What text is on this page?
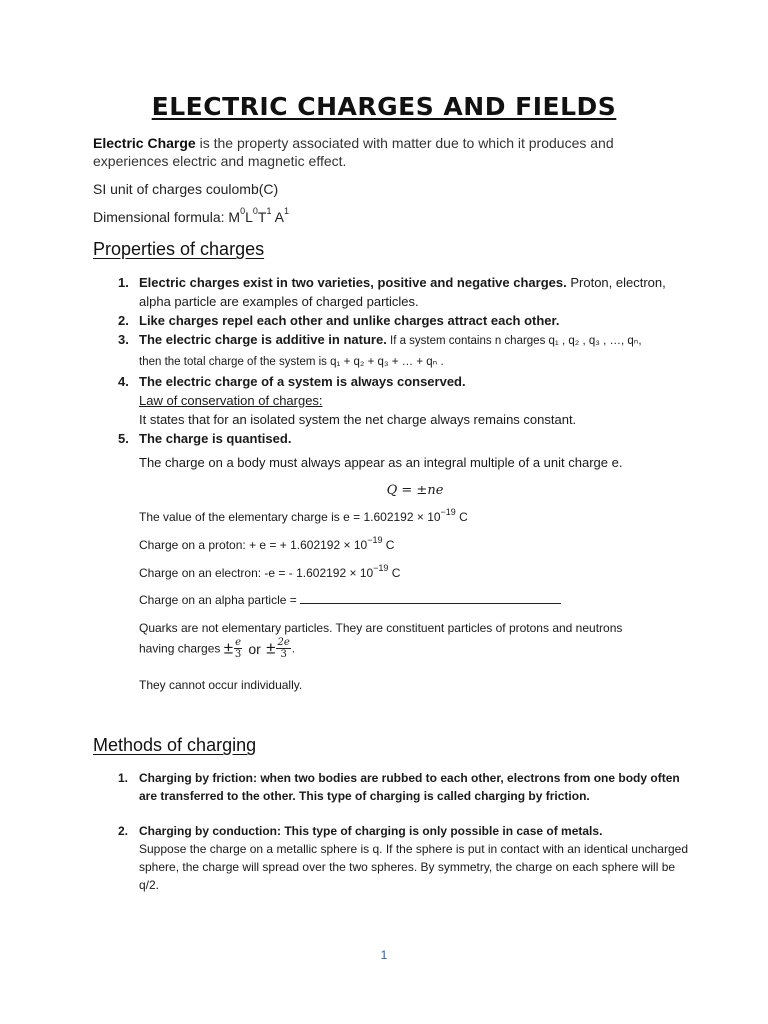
ELECTRIC CHARGES AND FIELDS
Electric Charge is the property associated with matter due to which it produces and experiences electric and magnetic effect.
SI unit of charges coulomb(C)
Dimensional formula: $M^0L^0T^1$ $A^1$
Properties of charges
1. Electric charges exist in two varieties, positive and negative charges. Proton, electron, alpha particle are examples of charged particles.
2. Like charges repel each other and unlike charges attract each other.
3. The electric charge is additive in nature. If a system contains n charges q₁ , q₂ , q₃ , …, qₙ,
then the total charge of the system is q₁ + q₂ + q₃ + … + qₙ .
4. The electric charge of a system is always conserved.
Law of conservation of charges:
It states that for an isolated system the net charge always remains constant.
5. The charge is quantised.
The charge on a body must always appear as an integral multiple of a unit charge e.
Q = ±ne
The value of the elementary charge is $e = 1.602192 \times 10^{-19}$ C
Charge on a proton: + e = + $1.602192 \times 10^{-19}$ C
Charge on an electron: -e = - $1.602192 \times 10^{-19}$ C
Charge on an alpha particle =
Quarks are not elementary particles. They are constituent particles of protons and neutrons
having charges ± $\frac{e}{3}$ or ± $\frac{2e}{3}$ .
They cannot occur individually.
Methods of charging
1. Charging by friction: when two bodies are rubbed to each other, electrons from one body often are transferred to the other. This type of charging is called charging by friction.
2. Charging by conduction: This type of charging is only possible in case of metals.
Suppose the charge on a metallic sphere is q. If the sphere is put in contact with an identical uncharged sphere, the charge will spread over the two spheres. By symmetry, the charge on each sphere will be q/2.
1
